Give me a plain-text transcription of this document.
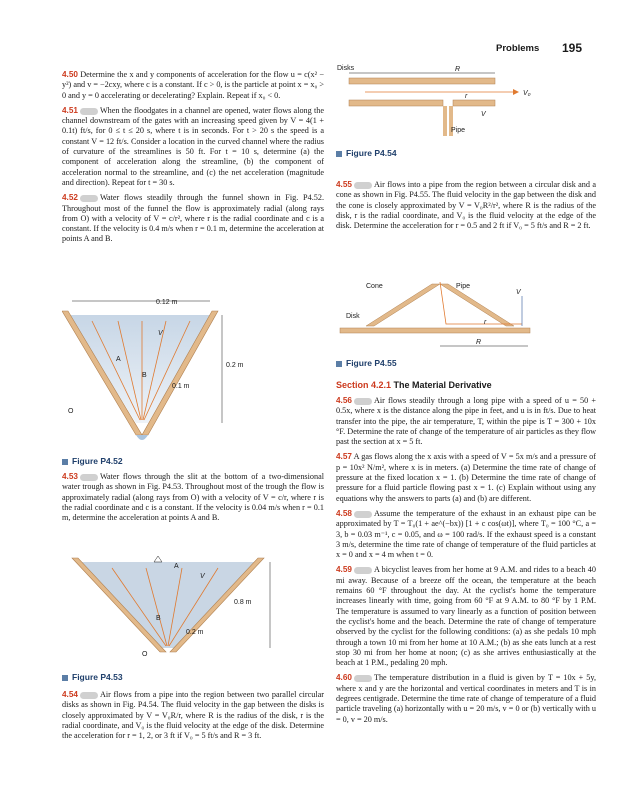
Problems 195

4.50 Determine the x and y components of acceleration for the flow u = c(x² − y²) and v = −2cxy, where c is a constant. If c > 0, is the particle at point x = x₀ > 0 and y = 0 accelerating or decelerating? Explain. Repeat if x₀ < 0.

4.51	When the floodgates in a channel are opened, water flows along the channel downstream of the gates with an increasing speed given by V = 4(1 + 0.1t) ft/s, for 0 ≤ t ≤ 20 s, where t is in seconds. For t > 20 s the speed is a constant V = 12 ft/s. Consider a location in the curved channel where the radius of curvature of the streamlines is 50 ft. For t = 10 s, determine (a) the component of acceleration along the streamline, (b) the component of acceleration normal to the streamline, and (c) the net acceleration (magnitude and direction). Repeat for t = 30 s.

4.52	Water flows steadily through the funnel shown in Fig. P4.52. Throughout most of the funnel the flow is approximately radial (along rays from O) with a velocity of V = c/r², where r is the radial coordinate and c is a constant. If the velocity is 0.4 m/s when r = 0.1 m, determine the acceleration at points A and B.

0.12 m
0.2 m
0.1 m
A
B
O
V
Figure P4.52

4.53	Water flows through the slit at the bottom of a two-dimensional water trough as shown in Fig. P4.53. Throughout most of the trough the flow is approximately radial (along rays from O) with a velocity of V = c/r, where r is the radial coordinate and c is a constant. If the velocity is 0.04 m/s when r = 0.1 m, determine the acceleration at points A and B.

0.8 m
0.2 m
A
B
O
V
Figure P4.53

4.54	Air flows from a pipe into the region between two parallel circular disks as shown in Fig. P4.54. The fluid velocity in the gap between the disks is closely approximated by V = V₀R/r, where R is the radius of the disk, r is the radial coordinate, and V₀ is the fluid velocity at the edge of the disk. Determine the acceleration for r = 1, 2, or 3 ft if V₀ = 5 ft/s and R = 3 ft.

Disks	R
V₀
r
V
Pipe
Figure P4.54

4.55	Air flows into a pipe from the region between a circular disk and a cone as shown in Fig. P4.55. The fluid velocity in the gap between the disk and the cone is closely approximated by V = V₀R²/r², where R is the radius of the disk, r is the radial coordinate, and V₀ is the fluid velocity at the edge of the disk. Determine the acceleration for r = 0.5 and 2 ft if V₀ = 5 ft/s and R = 2 ft.

Cone	Pipe
Disk
V
r
R
Figure P4.55
Section 4.2.1 The Material Derivative

4.56	Air flows steadily through a long pipe with a speed of u = 50 + 0.5x, where x is the distance along the pipe in feet, and u is in ft/s. Due to heat transfer into the pipe, the air temperature, T, within the pipe is T = 300 + 10x °F. Determine the rate of change of the temperature of air particles as they flow past the section at x = 5 ft.

4.57 A gas flows along the x axis with a speed of V = 5x m/s and a pressure of p = 10x² N/m², where x is in meters. (a) Determine the time rate of change of pressure at the fixed location x = 1. (b) Determine the time rate of change of pressure for a fluid particle flowing past x = 1. (c) Explain without using any equations why the answers to parts (a) and (b) are different.

4.58	Assume the temperature of the exhaust in an exhaust pipe can be approximated by T = T₀(1 + ae^(−bx)) [1 + c cos(ωt)], where T₀ = 100 °C, a = 3, b = 0.03 m⁻¹, c = 0.05, and ω = 100 rad/s. If the exhaust speed is a constant 3 m/s, determine the time rate of change of temperature of the fluid particles at x = 0 and x = 4 m when t = 0.

4.59	A bicyclist leaves from her home at 9 A.M. and rides to a beach 40 mi away. Because of a breeze off the ocean, the temperature at the beach remains 60 °F throughout the day. At the cyclist's home the temperature increases linearly with time, going from 60 °F at 9 A.M. to 80 °F by 1 P.M. The temperature is assumed to vary linearly as a function of position between the cyclist's home and the beach. Determine the rate of change of temperature observed by the cyclist for the following conditions: (a) as she pedals 10 mph through a town 10 mi from her home at 10 A.M.; (b) as she eats lunch at a rest stop 30 mi from her home at noon; (c) as she arrives enthusiastically at the beach at 1 P.M., pedaling 20 mph.

4.60	The temperature distribution in a fluid is given by T = 10x + 5y, where x and y are the horizontal and vertical coordinates in meters and T is in degrees centigrade. Determine the time rate of change of temperature of a fluid particle traveling (a) horizontally with u = 20 m/s, v = 0 or (b) vertically with u = 0, v = 20 m/s.
